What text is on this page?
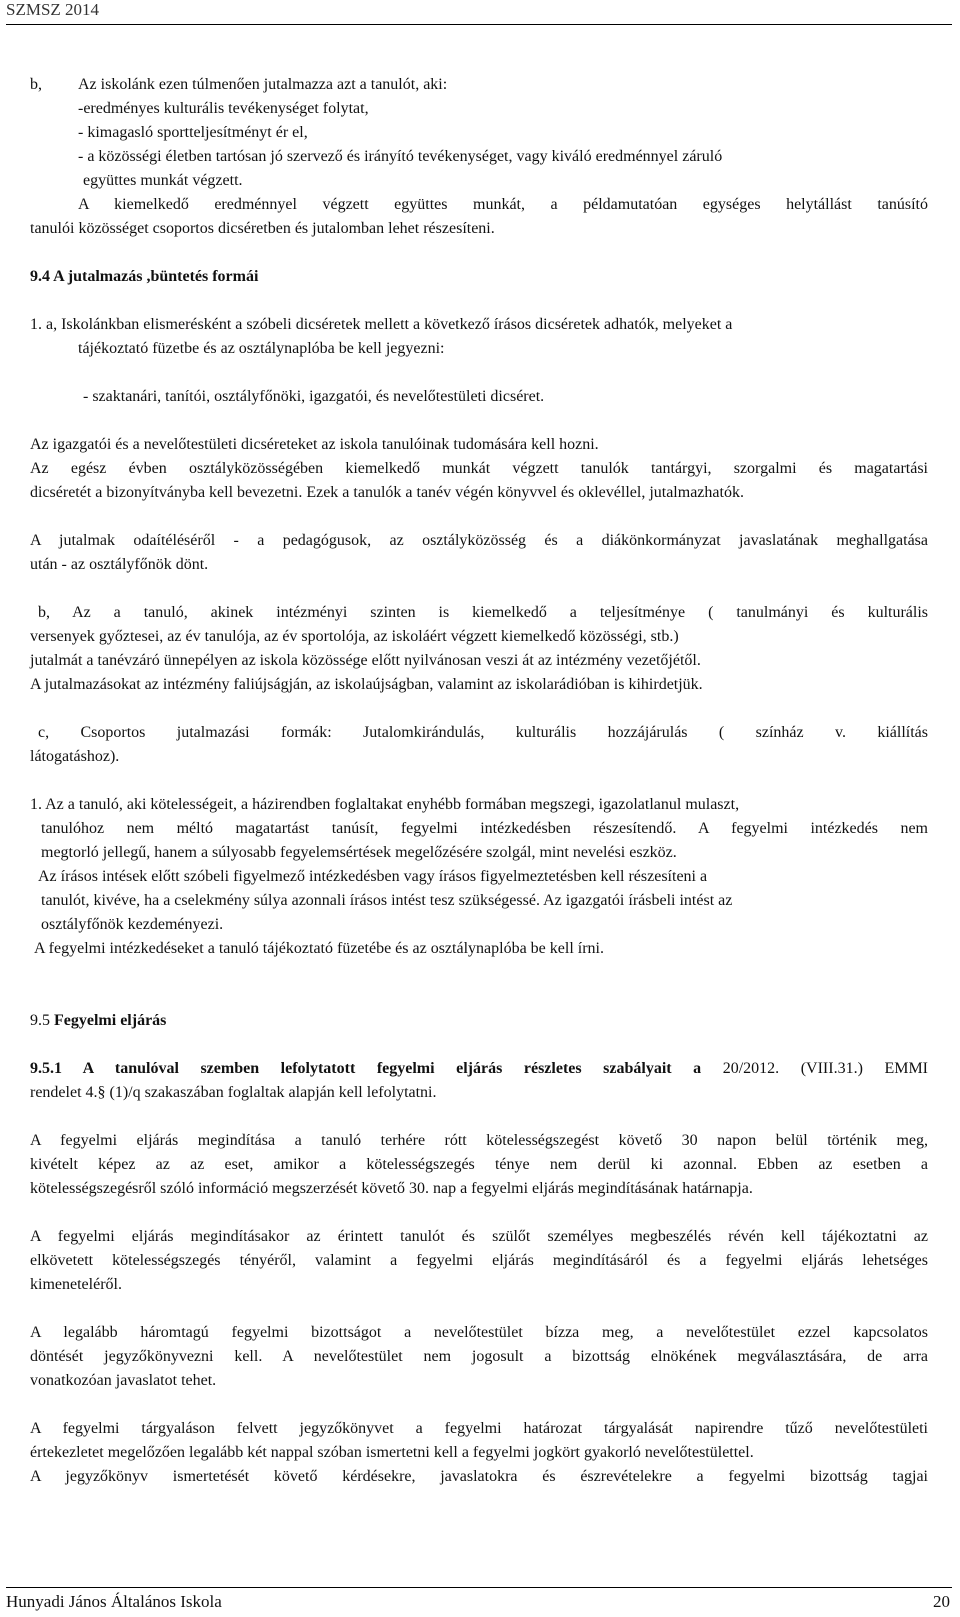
SZMSZ 2014
b, Az iskolánk ezen túlmenően jutalmazza azt a tanulót, aki:
-eredményes kulturális tevékenységet folytat,
- kimagasló sportteljesítményt ér el,
- a közösségi életben tartósan jó szervező és irányító tevékenységet, vagy kiváló eredménnyel záruló
együttes munkát végzett.
A kiemelkedő eredménnyel végzett együttes munkát, a példamutatóan egységes helytállást tanúsító
tanulói közösséget csoportos dicséretben és jutalomban lehet részesíteni.
9.4 A jutalmazás ,büntetés formái
1. a, Iskolánkban elismerésként a szóbeli dicséretek mellett a következő írásos dicséretek adhatók, melyeket a
tájékoztató füzetbe és az osztálynaplóba be kell jegyezni:
- szaktanári, tanítói, osztályfőnöki, igazgatói, és nevelőtestületi dicséret.
Az igazgatói és a nevelőtestületi dicséreteket az iskola tanulóinak tudomására kell hozni.
Az egész évben osztályközösségében kiemelkedő munkát végzett tanulók tantárgyi, szorgalmi és magatartási
dicséretét a bizonyítványba kell bevezetni. Ezek a tanulók a tanév végén könyvvel és oklevéllel, jutalmazhatók.
A jutalmak odaítéléséről - a pedagógusok, az osztályközösség és a diákönkormányzat javaslatának meghallgatása
után - az osztályfőnök dönt.
b, Az a tanuló, akinek intézményi szinten is kiemelkedő a teljesítménye ( tanulmányi és kulturális
versenyek győztesei, az év tanulója, az év sportolója, az iskoláért végzett kiemelkedő közösségi, stb.)
jutalmát a tanévzáró ünnepélyen az iskola közössége előtt nyilvánosan veszi át az intézmény vezetőjétől.
A jutalmazásokat az intézmény faliújságján, az iskolaújságban, valamint az iskolarádióban is kihirdetjük.
c, Csoportos jutalmazási formák: Jutalomkirándulás, kulturális hozzájárulás ( színház v. kiállítás
látogatáshoz).
1. Az a tanuló, aki kötelességeit, a házirendben foglaltakat enyhébb formában megszegi, igazolatlanul mulaszt,
tanulóhoz nem méltó magatartást tanúsít, fegyelmi intézkedésben részesítendő. A fegyelmi intézkedés nem
megtorló jellegű, hanem a súlyosabb fegyelemsértések megelőzésére szolgál, mint nevelési eszköz.
Az írásos intések előtt szóbeli figyelmező intézkedésben vagy írásos figyelmeztetésben kell részesíteni a
tanulót, kivéve, ha a cselekmény súlya azonnali írásos intést tesz szükségessé. Az igazgatói írásbeli intést az
osztályfőnök kezdeményezi.
A fegyelmi intézkedéseket a tanuló tájékoztató füzetébe és az osztálynaplóba be kell írni.
9.5 Fegyelmi eljárás
9.5.1 A tanulóval szemben lefolytatott fegyelmi eljárás részletes szabályait a 20/2012. (VIII.31.) EMMI
rendelet 4.§ (1)/q szakaszában foglaltak alapján kell lefolytatni.
A fegyelmi eljárás megindítása a tanuló terhére rótt kötelességszegést követő 30 napon belül történik meg,
kivételt képez az az eset, amikor a kötelességszegés ténye nem derül ki azonnal. Ebben az esetben a
kötelességszegésről szóló információ megszerzését követő 30. nap a fegyelmi eljárás megindításának határnapja.
A fegyelmi eljárás megindításakor az érintett tanulót és szülőt személyes megbeszélés révén kell tájékoztatni az
elkövetett kötelességszegés tényéről, valamint a fegyelmi eljárás megindításáról és a fegyelmi eljárás lehetséges
kimeneteléről.
A legalább háromtagú fegyelmi bizottságot a nevelőtestület bízza meg, a nevelőtestület ezzel kapcsolatos
döntését jegyzőkönyvezni kell. A nevelőtestület nem jogosult a bizottság elnökének megválasztására, de arra
vonatkozóan javaslatot tehet.
A fegyelmi tárgyaláson felvett jegyzőkönyvet a fegyelmi határozat tárgyalását napirendre tűző nevelőtestületi
értekezletet megelőzően legalább két nappal szóban ismertetni kell a fegyelmi jogkört gyakorló nevelőtestülettel.
A jegyzőkönyv ismertetését követő kérdésekre, javaslatokra és észrevételekre a fegyelmi bizottság tagjai
Hunyadi János Általános Iskola	20
